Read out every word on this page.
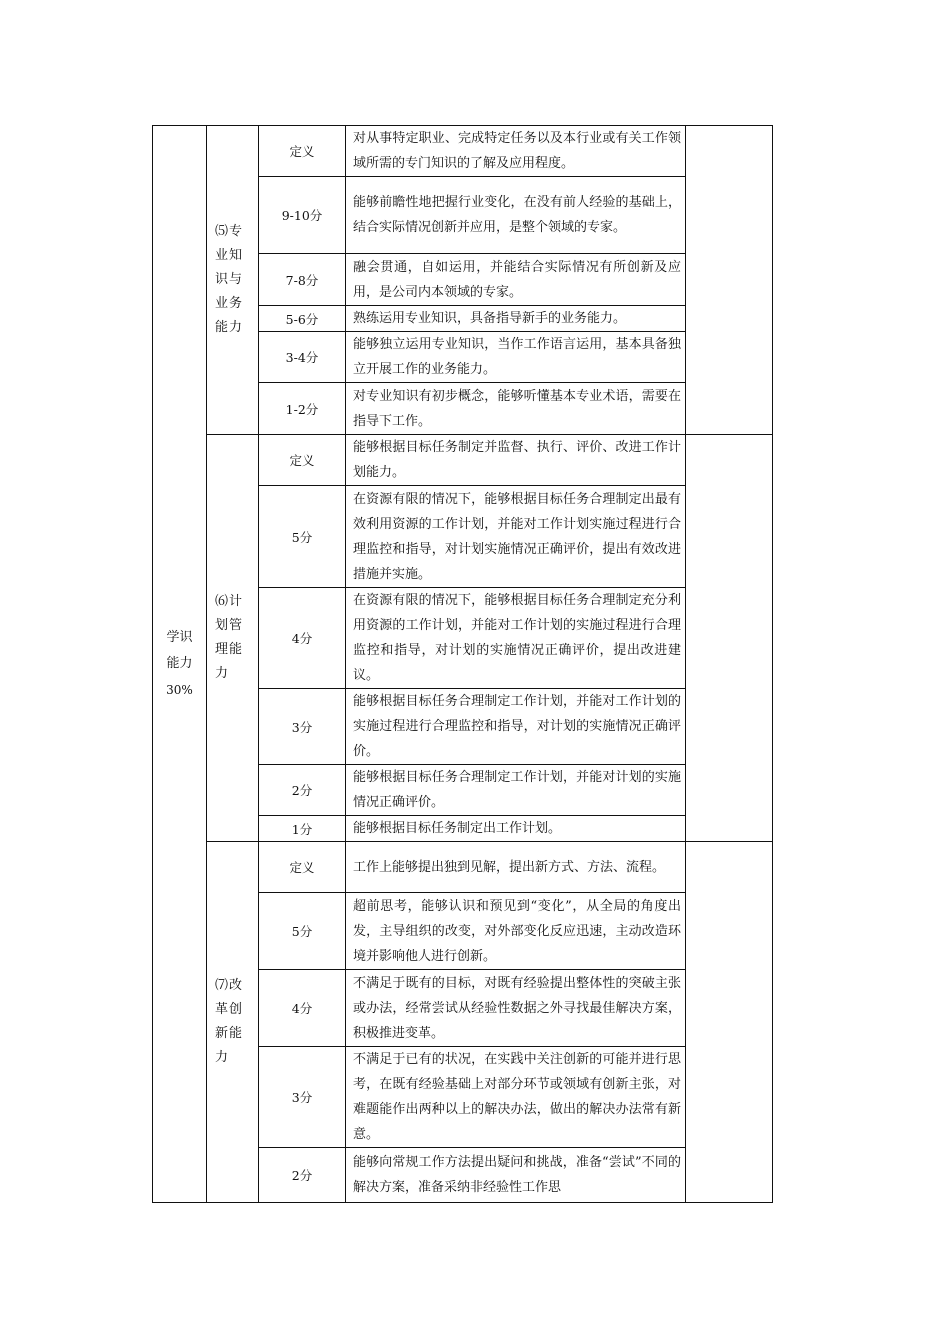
学识
能力
30%	⑸专业知识与业务能力	定义	对从事特定职业、完成特定任务以及本行业或有关工作领域所需的专门知识的了解及应用程度。	
		9-10分	能够前瞻性地把握行业变化，在没有前人经验的基础上，结合实际情况创新并应用，是整个领域的专家。	
		7-8分	融会贯通，自如运用，并能结合实际情况有所创新及应用，是公司内本领域的专家。	
		5-6分	熟练运用专业知识，具备指导新手的业务能力。	
		3-4分	能够独立运用专业知识，当作工作语言运用，基本具备独立开展工作的业务能力。	
		1-2分	对专业知识有初步概念，能够听懂基本专业术语，需要在指导下工作。	

	⑹计划管理能力	定义	能够根据目标任务制定并监督、执行、评价、改进工作计划能力。	
		5分	在资源有限的情况下，能够根据目标任务合理制定出最有效利用资源的工作计划，并能对工作计划实施过程进行合理监控和指导，对计划实施情况正确评价，提出有效改进措施并实施。	
		4分	在资源有限的情况下，能够根据目标任务合理制定充分利用资源的工作计划，并能对工作计划的实施过程进行合理监控和指导，对计划的实施情况正确评价，提出改进建议。	
		3分	能够根据目标任务合理制定工作计划，并能对工作计划的实施过程进行合理监控和指导，对计划的实施情况正确评价。	
		2分	能够根据目标任务合理制定工作计划，并能对计划的实施情况正确评价。	
		1分	能够根据目标任务制定出工作计划。	

	⑺改革创新能力	定义	工作上能够提出独到见解，提出新方式、方法、流程。	
		5分	超前思考，能够认识和预见到“变化”，从全局的角度出发，主导组织的改变，对外部变化反应迅速，主动改造环境并影响他人进行创新。	
		4分	不满足于既有的目标，对既有经验提出整体性的突破主张或办法，经常尝试从经验性数据之外寻找最佳解决方案，积极推进变革。	
		3分	不满足于已有的状况，在实践中关注创新的可能并进行思考，在既有经验基础上对部分环节或领域有创新主张，对难题能作出两种以上的解决办法，做出的解决办法常有新意。	
		2分	能够向常规工作方法提出疑问和挑战，准备“尝试”不同的解决方案，准备采纳非经验性工作思	
